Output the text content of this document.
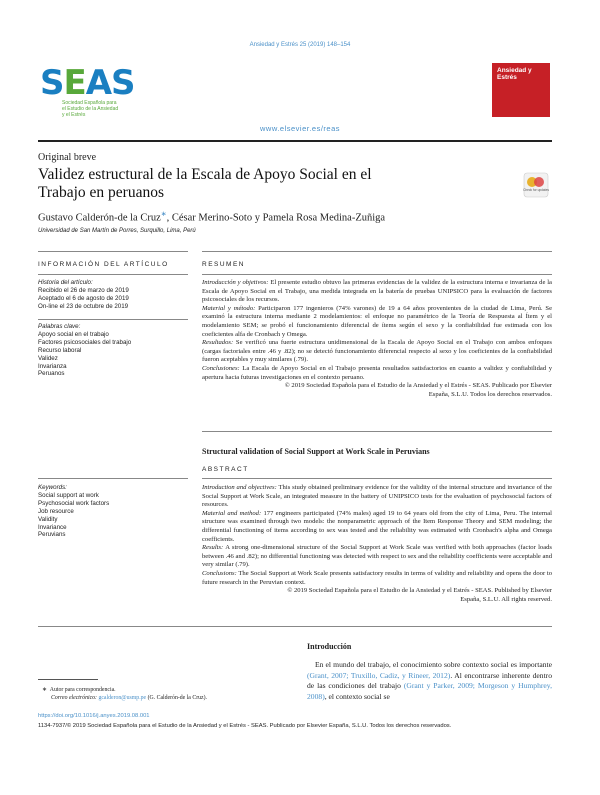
Ansiedad y Estrés 25 (2019) 148–154
SEAS
Sociedad Española para el Estudio de la Ansiedad y el Estrés
Ansiedad y Estrés
www.elsevier.es/reas
Original breve
Validez estructural de la Escala de Apoyo Social en el Trabajo en peruanos	Check for updates
Gustavo Calderón-de la Cruz∗, César Merino-Soto y Pamela Rosa Medina-Zuñiga
Universidad de San Martín de Porres, Surquillo, Lima, Perú
INFORMACIÓN DEL ARTÍCULO	RESUMEN
Historia del artículo:
Recibido el 26 de marzo de 2019
Aceptado el 6 de agosto de 2019
On-line el 23 de octubre de 2019
Palabras clave:
Apoyo social en el trabajo
Factores psicosociales del trabajo
Recurso laboral
Validez
Invarianza
Peruanos

Introducción y objetivos: El presente estudio obtuvo las primeras evidencias de la validez de la estructura interna e invarianza de la Escala de Apoyo Social en el Trabajo, una medida integrada en la batería de pruebas UNIPSICO para la evaluación de factores psicosociales de los recursos.

Material y método: Participaron 177 ingenieros (74% varones) de 19 a 64 años provenientes de la ciudad de Lima, Perú. Se examinó la estructura interna mediante 2 modelamientos: el enfoque no paramétrico de la Teoría de Respuesta al Ítem y el modelamiento SEM; se probó el funcionamiento diferencial de ítems según el sexo y la confiabilidad fue estimada con los coeficientes alfa de Cronbach y Omega.

Resultados: Se verificó una fuerte estructura unidimensional de la Escala de Apoyo Social en el Trabajo con ambos enfoques (cargas factoriales entre .46 y .82); no se detectó funcionamiento diferencial respecto al sexo y los coeficientes de la confiabilidad fueron aceptables y muy similares (.79).

Conclusiones: La Escala de Apoyo Social en el Trabajo presenta resultados satisfactorios en cuanto a validez y confiabilidad y apertura hacia futuras investigaciones en el contexto peruano.

© 2019 Sociedad Española para el Estudio de la Ansiedad y el Estrés - SEAS. Publicado por Elsevier
España, S.L.U. Todos los derechos reservados.
Structural validation of Social Support at Work Scale in Peruvians
ABSTRACT
Keywords:
Social support at work
Psychosocial work factors
Job resource
Validity
Invariance
Peruvians

Introduction and objectives: This study obtained preliminary evidence for the validity of the internal structure and invariance of the Social Support at Work Scale, an integrated measure in the battery of UNIPSICO tests for the evaluation of psychosocial factors of resources.

Material and method: 177 engineers participated (74% males) aged 19 to 64 years old from the city of Lima, Peru. The internal structure was examined through two models: the nonparametric approach of the Item Response Theory and SEM modeling; the differential functioning of items according to sex was tested and the reliability was estimated with Cronbach's alpha and Omega coefficients.

Results: A strong one-dimensional structure of the Social Support at Work Scale was verified with both approaches (factor loads between .46 and .82); no differential functioning was detected with respect to sex and the reliability coefficients were acceptable and very similar (.79).

Conclusions: The Social Support at Work Scale presents satisfactory results in terms of validity and reliability and opens the door to future research in the Peruvian context.

© 2019 Sociedad Española para el Estudio de la Ansiedad y el Estrés - SEAS. Published by Elsevier
España, S.L.U. All rights reserved.
Introducción
En el mundo del trabajo, el conocimiento sobre contexto social es importante (Grant, 2007; Truxillo, Cadiz, y Rineer, 2012). Al encontrarse inherente dentro de las condiciones del trabajo (Grant y Parker, 2009; Morgeson y Humphrey, 2008), el contexto social se
∗ Autor para correspondencia.
Correo electrónico: gcalderon@usmp.pe (G. Calderón-de la Cruz).
https://doi.org/10.1016/j.anyes.2019.08.001
1134-7937/© 2019 Sociedad Española para el Estudio de la Ansiedad y el Estrés - SEAS. Publicado por Elsevier España, S.L.U. Todos los derechos reservados.
